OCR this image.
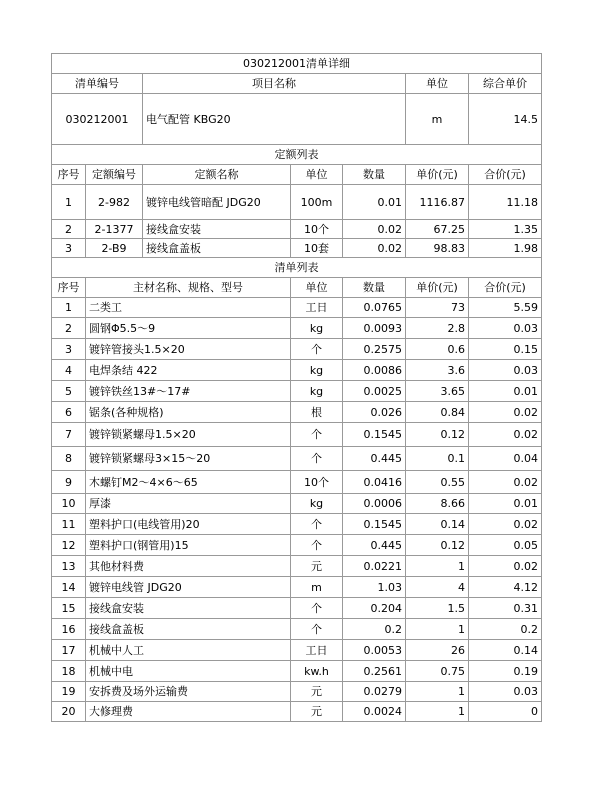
030212001清单详细						
清单编号		项目名称			单位	综合单价
030212001		电气配管 KBG20			m	14.5
定额列表						
序号	定额编号	定额名称	单位	数量	单价(元)	合价(元)
1	2-982	镀锌电线管暗配 JDG20	100m	0.01	1116.87	11.18
2	2-1377	接线盒安装	10个	0.02	67.25	1.35
3	2-B9	接线盒盖板	10套	0.02	98.83	1.98
清单列表						
序号	主材名称、规格、型号		单位	数量	单价(元)	合价(元)
1	二类工		工日	0.0765	73	5.59
2	圆钢Φ5.5～9		kg	0.0093	2.8	0.03
3	镀锌管接头1.5×20		个	0.2575	0.6	0.15
4	电焊条结 422		kg	0.0086	3.6	0.03
5	镀锌铁丝13#～17#		kg	0.0025	3.65	0.01
6	锯条(各种规格)		根	0.026	0.84	0.02
7	镀锌锁紧螺母1.5×20		个	0.1545	0.12	0.02
8	镀锌锁紧螺母3×15～20		个	0.445	0.1	0.04
9	木螺钉M2～4×6～65		10个	0.0416	0.55	0.02
10	厚漆		kg	0.0006	8.66	0.01
11	塑料护口(电线管用)20		个	0.1545	0.14	0.02
12	塑料护口(钢管用)15		个	0.445	0.12	0.05
13	其他材料费		元	0.0221	1	0.02
14	镀锌电线管 JDG20		m	1.03	4	4.12
15	接线盒安装		个	0.204	1.5	0.31
16	接线盒盖板		个	0.2	1	0.2
17	机械中人工		工日	0.0053	26	0.14
18	机械中电		kw.h	0.2561	0.75	0.19
19	安拆费及场外运输费		元	0.0279	1	0.03
20	大修理费		元	0.0024	1	0
